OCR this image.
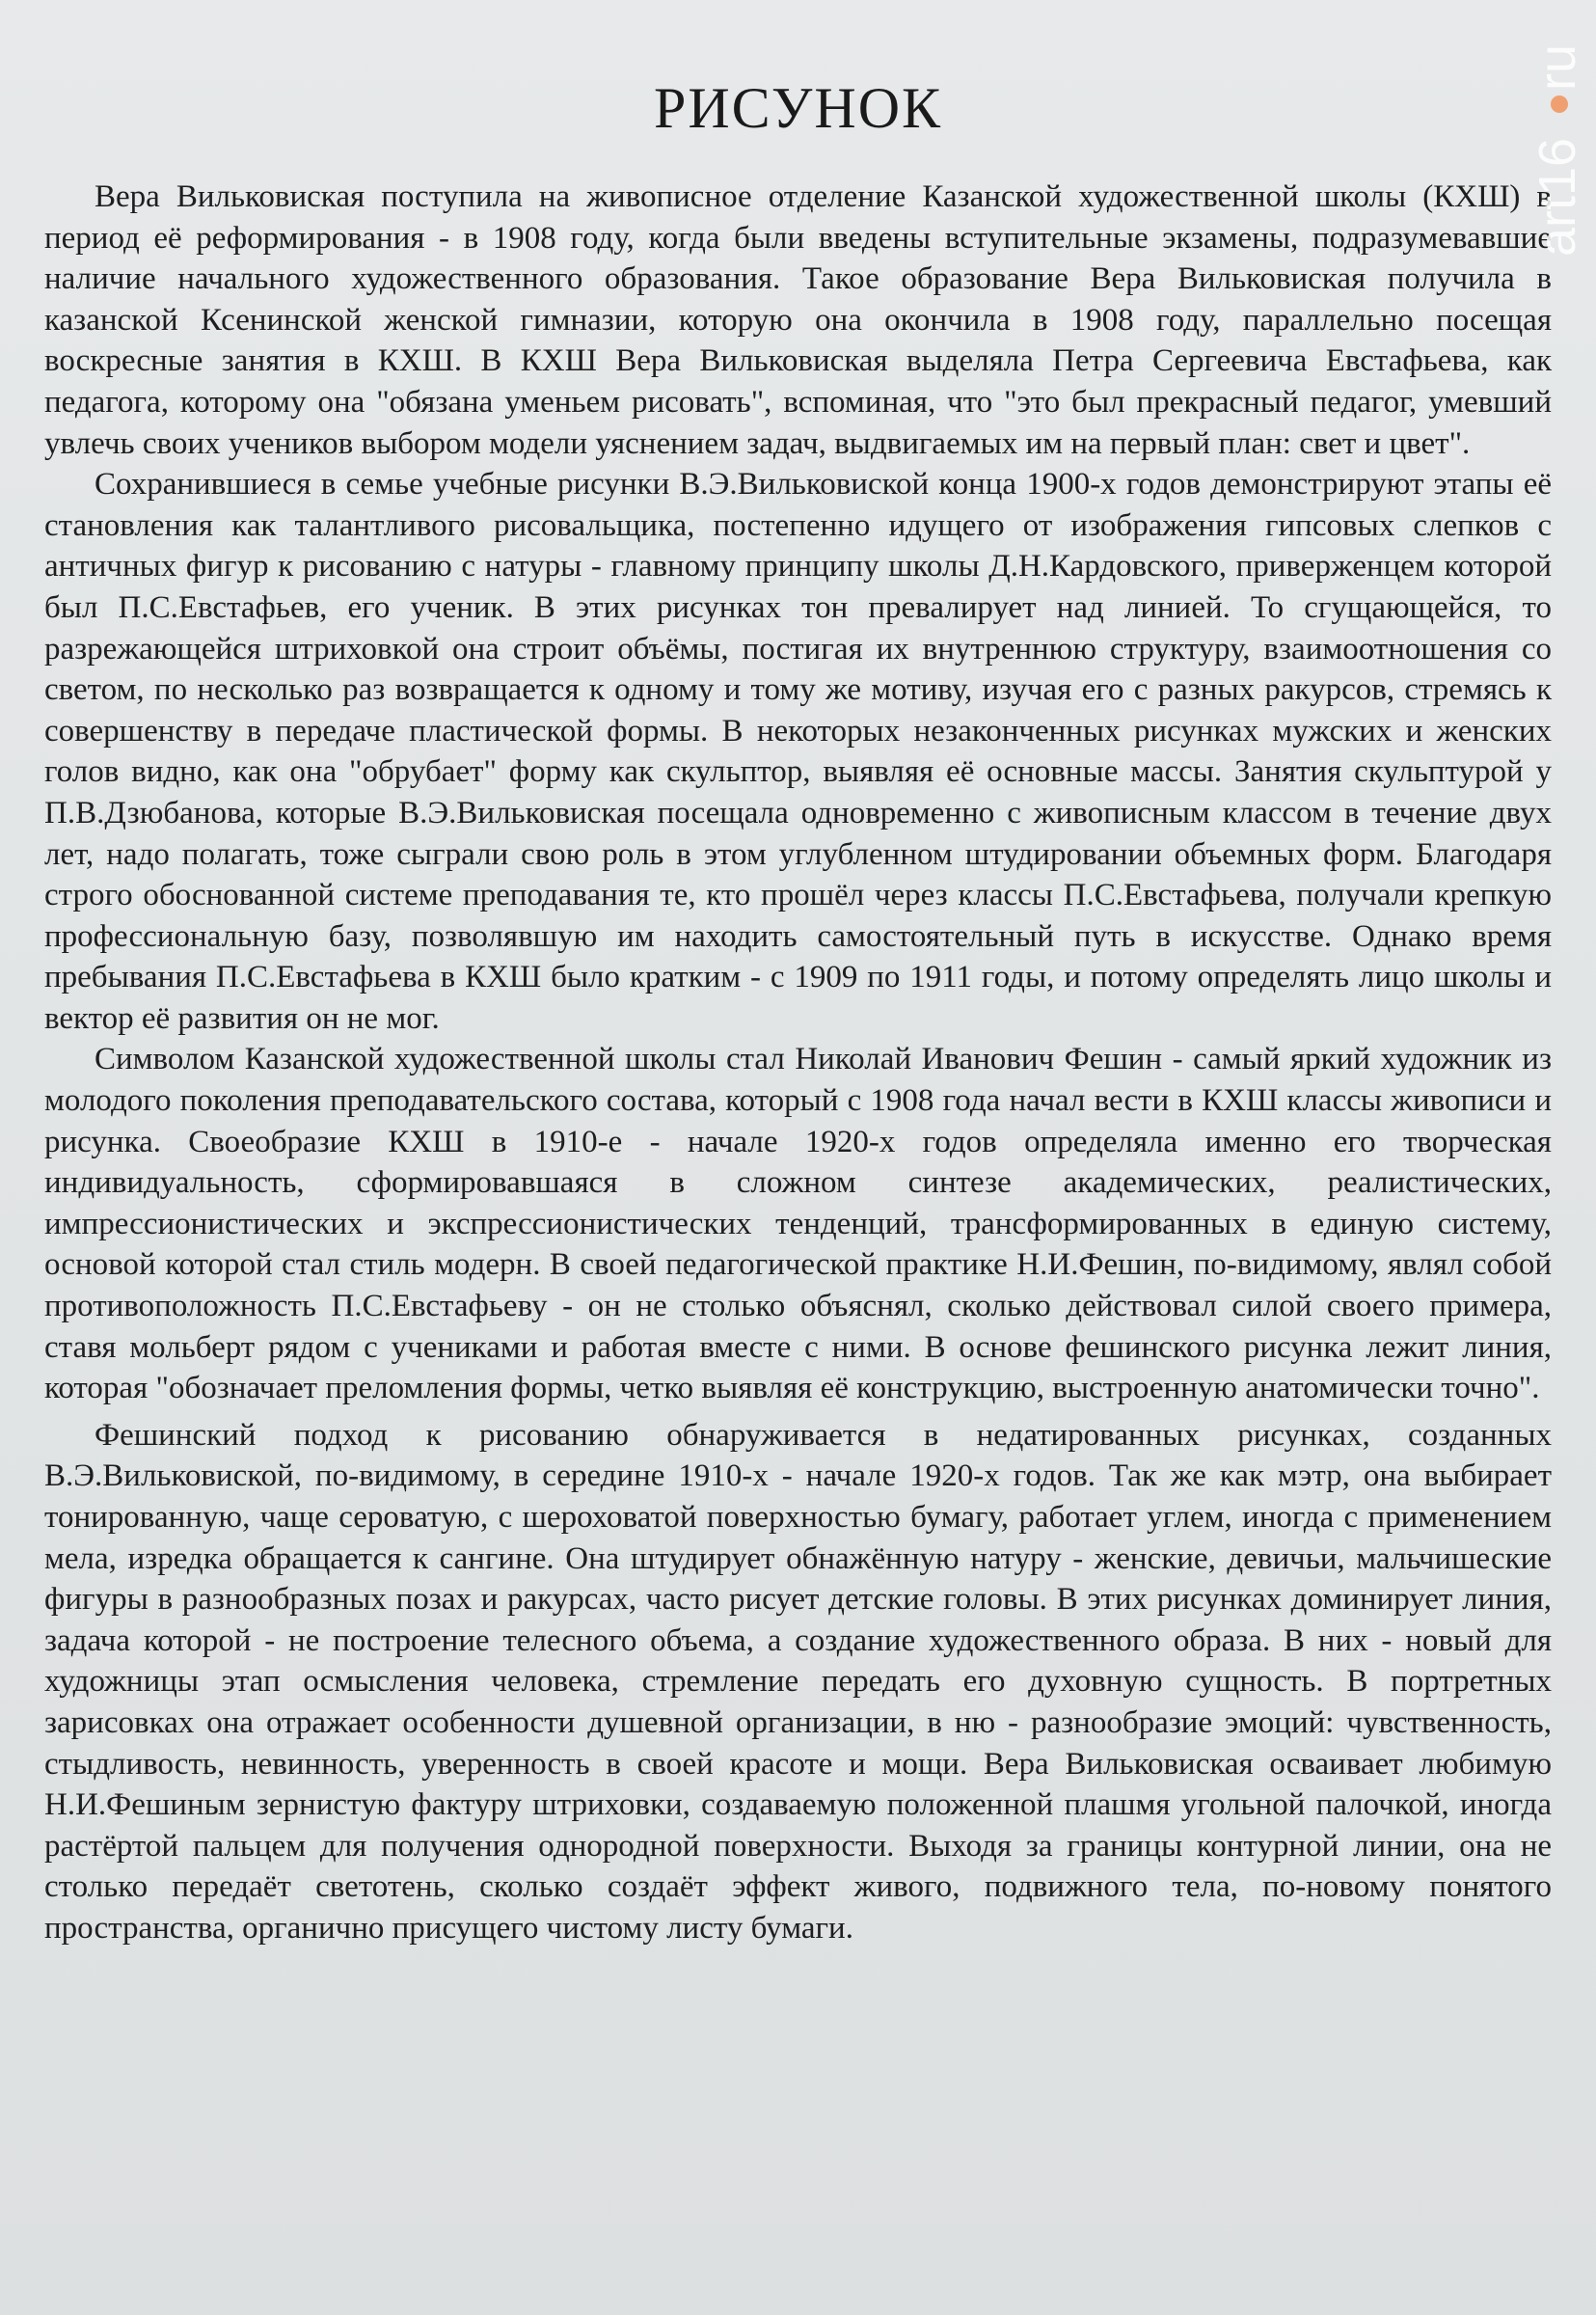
РИСУНОК

Вера Вильковиская поступила на живописное отделение Казанской художественной школы (КХШ) в период её реформирования - в 1908 году, когда были введены вступительные экзамены, подразумевавшие наличие начального художественного образования. Такое образование Вера Вильковиская получила в казанской Ксенинской женской гимназии, которую она окончила в 1908 году, параллельно посещая воскресные занятия в КХШ. В КХШ Вера Вильковиская выделяла Петра Сергеевича Евстафьева, как педагога, которому она "обязана уменьем рисовать", вспоминая, что "это был прекрасный педагог, умевший увлечь своих учеников выбором модели уяснением задач, выдвигаемых им на первый план: свет и цвет".

Сохранившиеся в семье учебные рисунки В.Э.Вильковиской конца 1900-х годов демонстрируют этапы её становления как талантливого рисовальщика, постепенно идущего от изображения гипсовых слепков с античных фигур к рисованию с натуры - главному принципу школы Д.Н.Кардовского, приверженцем которой был П.С.Евстафьев, его ученик. В этих рисунках тон превалирует над линией. То сгущающейся, то разрежающейся штриховкой она строит объёмы, постигая их внутреннюю структуру, взаимоотношения со светом, по несколько раз возвращается к одному и тому же мотиву, изучая его с разных ракурсов, стремясь к совершенству в передаче пластической формы. В некоторых незаконченных рисунках мужских и женских голов видно, как она "обрубает" форму как скульптор, выявляя её основные массы. Занятия скульптурой у П.В.Дзюбанова, которые В.Э.Вильковиская посещала одновременно с живописным классом в течение двух лет, надо полагать, тоже сыграли свою роль в этом углубленном штудировании объемных форм. Благодаря строго обоснованной системе преподавания те, кто прошёл через классы П.С.Евстафьева, получали крепкую профессиональную базу, позволявшую им находить самостоятельный путь в искусстве. Однако время пребывания П.С.Евстафьева в КХШ было кратким - с 1909 по 1911 годы, и потому определять лицо школы и вектор её развития он не мог.

Символом Казанской художественной школы стал Николай Иванович Фешин - самый яркий художник из молодого поколения преподавательского состава, который с 1908 года начал вести в КХШ классы живописи и рисунка. Своеобразие КХШ в 1910-е - начале 1920-х годов определяла именно его творческая индивидуальность, сформировавшаяся в сложном синтезе академических, реалистических, импрессионистических и экспрессионистических тенденций, трансформированных в единую систему, основой которой стал стиль модерн. В своей педагогической практике Н.И.Фешин, по-видимому, являл собой противоположность П.С.Евстафьеву - он не столько объяснял, сколько действовал силой своего примера, ставя мольберт рядом с учениками и работая вместе с ними. В основе фешинского рисунка лежит линия, которая "обозначает преломления формы, четко выявляя её конструкцию, выстроенную анатомически точно".

Фешинский подход к рисованию обнаруживается в недатированных рисунках, созданных В.Э.Вильковиской, по-видимому, в середине 1910-х - начале 1920-х годов. Так же как мэтр, она выбирает тонированную, чаще сероватую, с шероховатой поверхностью бумагу, работает углем, иногда с применением мела, изредка обращается к сангине. Она штудирует обнажённую натуру - женские, девичьи, мальчишеские фигуры в разнообразных позах и ракурсах, часто рисует детские головы. В этих рисунках доминирует линия, задача которой - не построение телесного объема, а создание художественного образа. В них - новый для художницы этап осмысления человека, стремление передать его духовную сущность. В портретных зарисовках она отражает особенности душевной организации, в ню - разнообразие эмоций: чувственность, стыдливость, невинность, уверенность в своей красоте и мощи. Вера Вильковиская осваивает любимую Н.И.Фешиным зернистую фактуру штриховки, создаваемую положенной плашмя угольной палочкой, иногда растёртой пальцем для получения однородной поверхности. Выходя за границы контурной линии, она не столько передаёт светотень, сколько создаёт эффект живого, подвижного тела, по-новому понятого пространства, органично присущего чистому листу бумаги.

art16
ru
